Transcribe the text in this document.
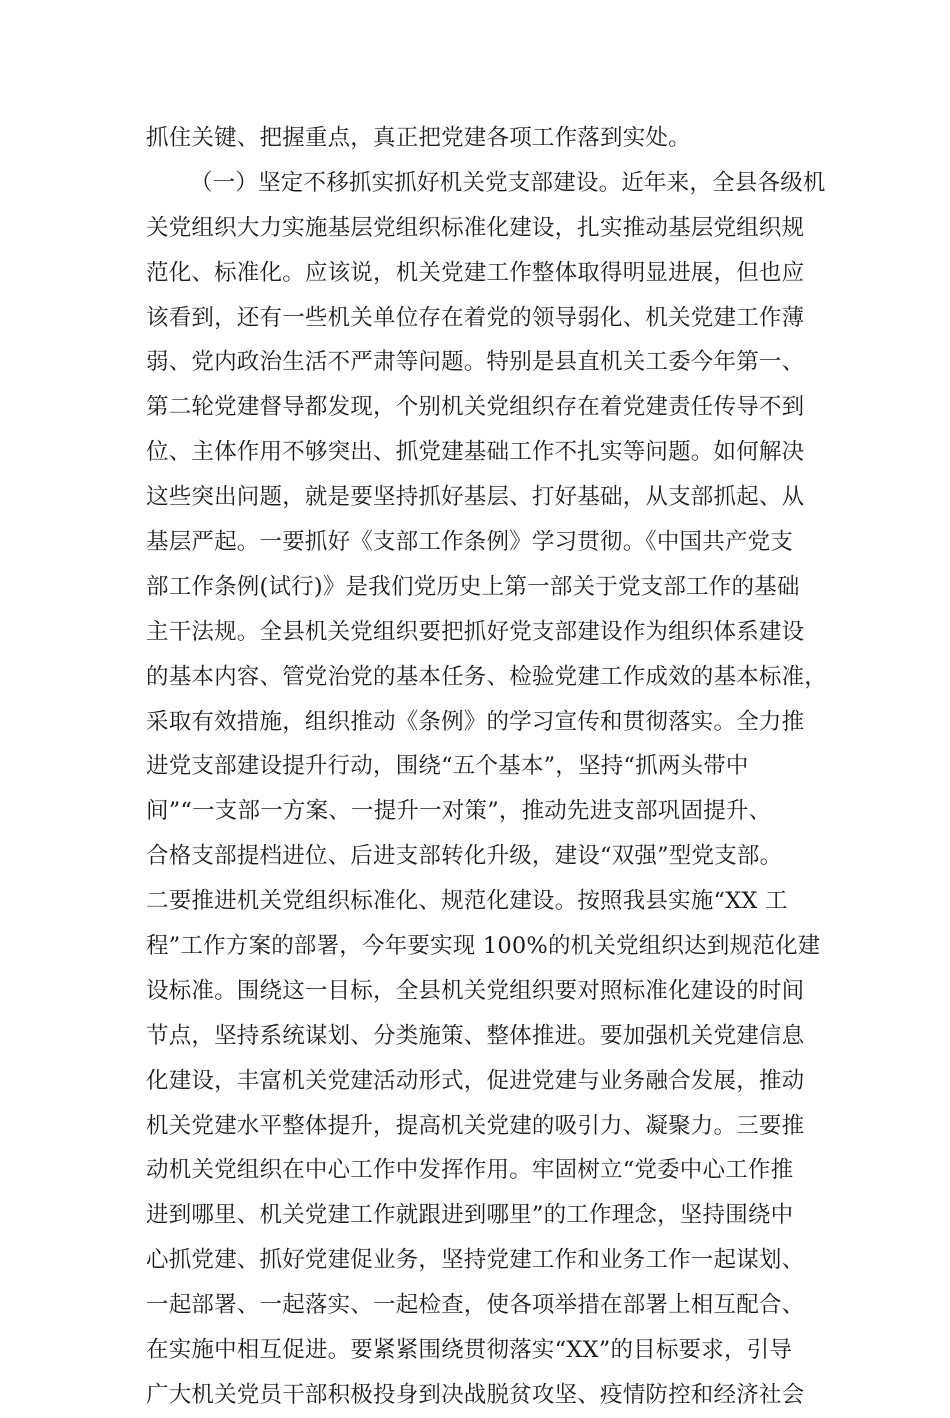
抓住关键、把握重点，真正把党建各项工作落到实处。
（一）坚定不移抓实抓好机关党支部建设。近年来，全县各级机
关党组织大力实施基层党组织标准化建设，扎实推动基层党组织规
范化、标准化。应该说，机关党建工作整体取得明显进展，但也应
该看到，还有一些机关单位存在着党的领导弱化、机关党建工作薄
弱、党内政治生活不严肃等问题。特别是县直机关工委今年第一、
第二轮党建督导都发现，个别机关党组织存在着党建责任传导不到
位、主体作用不够突出、抓党建基础工作不扎实等问题。如何解决
这些突出问题，就是要坚持抓好基层、打好基础，从支部抓起、从
基层严起。一要抓好《支部工作条例》学习贯彻。《中国共产党支
部工作条例(试行)》是我们党历史上第一部关于党支部工作的基础
主干法规。全县机关党组织要把抓好党支部建设作为组织体系建设
的基本内容、管党治党的基本任务、检验党建工作成效的基本标准，
采取有效措施，组织推动《条例》的学习宣传和贯彻落实。全力推
进党支部建设提升行动，围绕“五个基本”，坚持“抓两头带中
间”“一支部一方案、一提升一对策”，推动先进支部巩固提升、
合格支部提档进位、后进支部转化升级，建设“双强”型党支部。
二要推进机关党组织标准化、规范化建设。按照我县实施“XX 工
程”工作方案的部署，今年要实现 100%的机关党组织达到规范化建
设标准。围绕这一目标，全县机关党组织要对照标准化建设的时间
节点，坚持系统谋划、分类施策、整体推进。要加强机关党建信息
化建设，丰富机关党建活动形式，促进党建与业务融合发展，推动
机关党建水平整体提升，提高机关党建的吸引力、凝聚力。三要推
动机关党组织在中心工作中发挥作用。牢固树立“党委中心工作推
进到哪里、机关党建工作就跟进到哪里”的工作理念，坚持围绕中
心抓党建、抓好党建促业务，坚持党建工作和业务工作一起谋划、
一起部署、一起落实、一起检查，使各项举措在部署上相互配合、
在实施中相互促进。要紧紧围绕贯彻落实“XX”的目标要求，引导
广大机关党员干部积极投身到决战脱贫攻坚、疫情防控和经济社会
